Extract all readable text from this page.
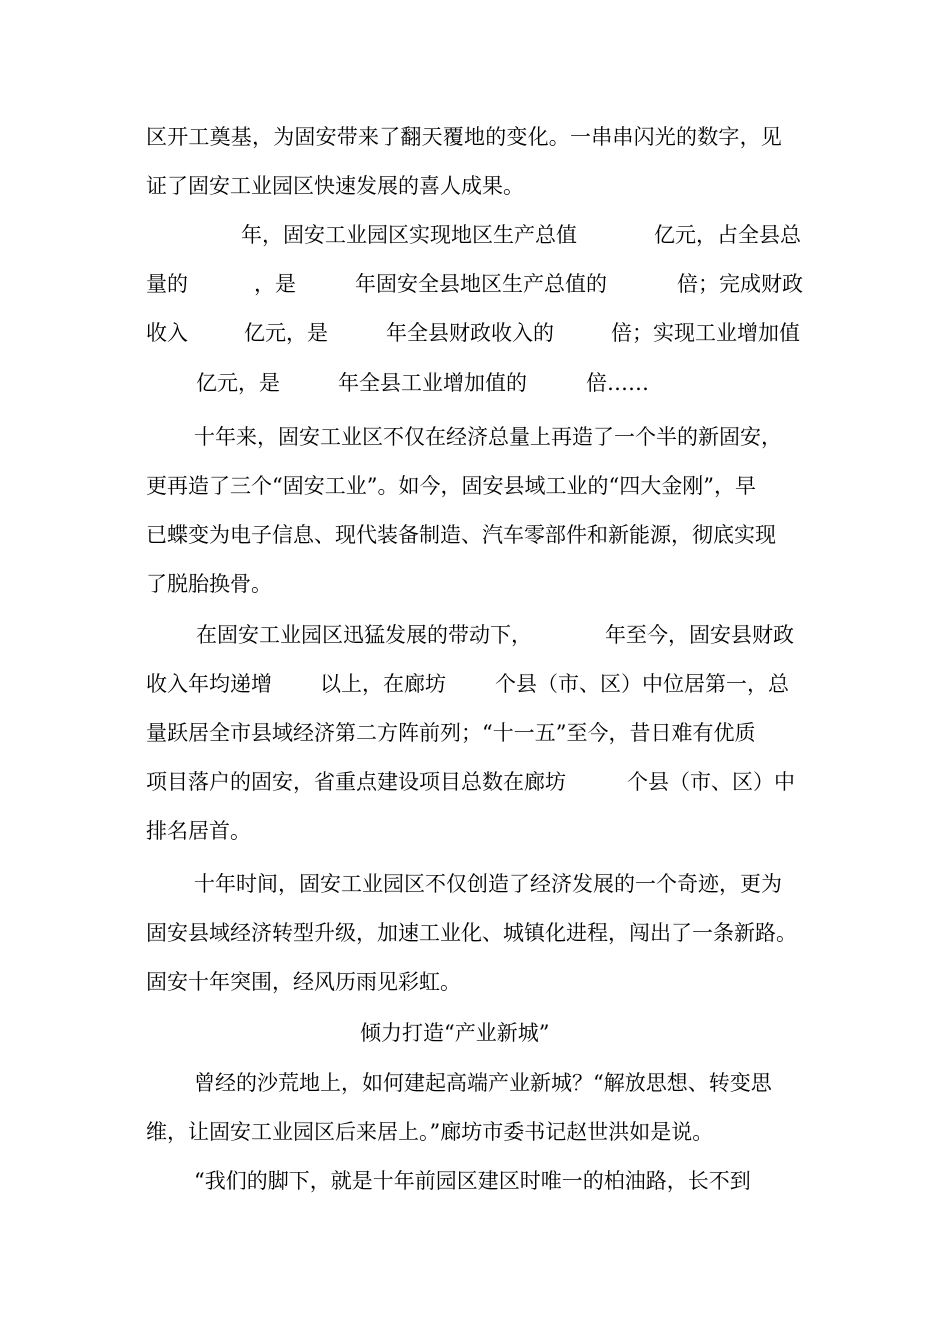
区开工奠基，为固安带来了翻天覆地的变化。一串串闪光的数字，见

证了固安工业园区快速发展的喜人成果。

年，固安工业园区实现地区生产总值	亿元，占全县总

量的	，是	年固安全县地区生产总值的	倍；完成财政

收入	亿元，是	年全县财政收入的	倍；实现工业增加值

亿元，是	年全县工业增加值的	倍……

十年来，固安工业区不仅在经济总量上再造了一个半的新固安，

更再造了三个“固安工业”。如今，固安县域工业的“四大金刚”，早

已蝶变为电子信息、现代装备制造、汽车零部件和新能源，彻底实现

了脱胎换骨。

在固安工业园区迅猛发展的带动下，	年至今，固安县财政

收入年均递增 以上，在廊坊 个县（市、区）中位居第一，总

量跃居全市县域经济第二方阵前列；“十一五”至今，昔日难有优质

项目落户的固安，省重点建设项目总数在廊坊	个县（市、区）中

排名居首。

十年时间，固安工业园区不仅创造了经济发展的一个奇迹，更为

固安县域经济转型升级，加速工业化、城镇化进程，闯出了一条新路。

固安十年突围，经风历雨见彩虹。

倾力打造“产业新城”

曾经的沙荒地上，如何建起高端产业新城？“解放思想、转变思

维，让固安工业园区后来居上。”廊坊市委书记赵世洪如是说。

“我们的脚下，就是十年前园区建区时唯一的柏油路，长不到
